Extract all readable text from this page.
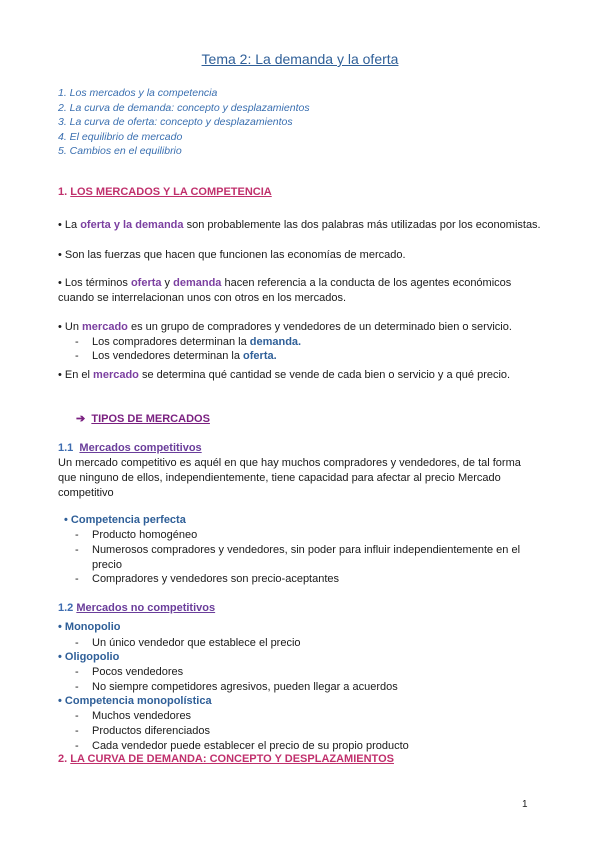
Tema 2: La demanda y la oferta
1. Los mercados y la competencia
2. La curva de demanda: concepto y desplazamientos
3. La curva de oferta: concepto y desplazamientos
4. El equilibrio de mercado
5. Cambios en el equilibrio
1. LOS MERCADOS Y LA COMPETENCIA
• La oferta y la demanda son probablemente las dos palabras más utilizadas por los economistas.
• Son las fuerzas que hacen que funcionen las economías de mercado.
• Los términos oferta y demanda hacen referencia a la conducta de los agentes económicos
cuando se interrelacionan unos con otros en los mercados.
• Un mercado es un grupo de compradores y vendedores de un determinado bien o servicio.
- Los compradores determinan la demanda.
- Los vendedores determinan la oferta.
• En el mercado se determina qué cantidad se vende de cada bien o servicio y a qué precio.
➔ TIPOS DE MERCADOS
1.1 Mercados competitivos
Un mercado competitivo es aquél en que hay muchos compradores y vendedores, de tal forma
que ninguno de ellos, independientemente, tiene capacidad para afectar al precio Mercado
competitivo
• Competencia perfecta
- Producto homogéneo
- Numerosos compradores y vendedores, sin poder para influir independientemente en el
precio
- Compradores y vendedores son precio-aceptantes
1.2 Mercados no competitivos
• Monopolio
- Un único vendedor que establece el precio
• Oligopolio
- Pocos vendedores
- No siempre competidores agresivos, pueden llegar a acuerdos
• Competencia monopolística
- Muchos vendedores
- Productos diferenciados
- Cada vendedor puede establecer el precio de su propio producto
2. LA CURVA DE DEMANDA: CONCEPTO Y DESPLAZAMIENTOS
1
